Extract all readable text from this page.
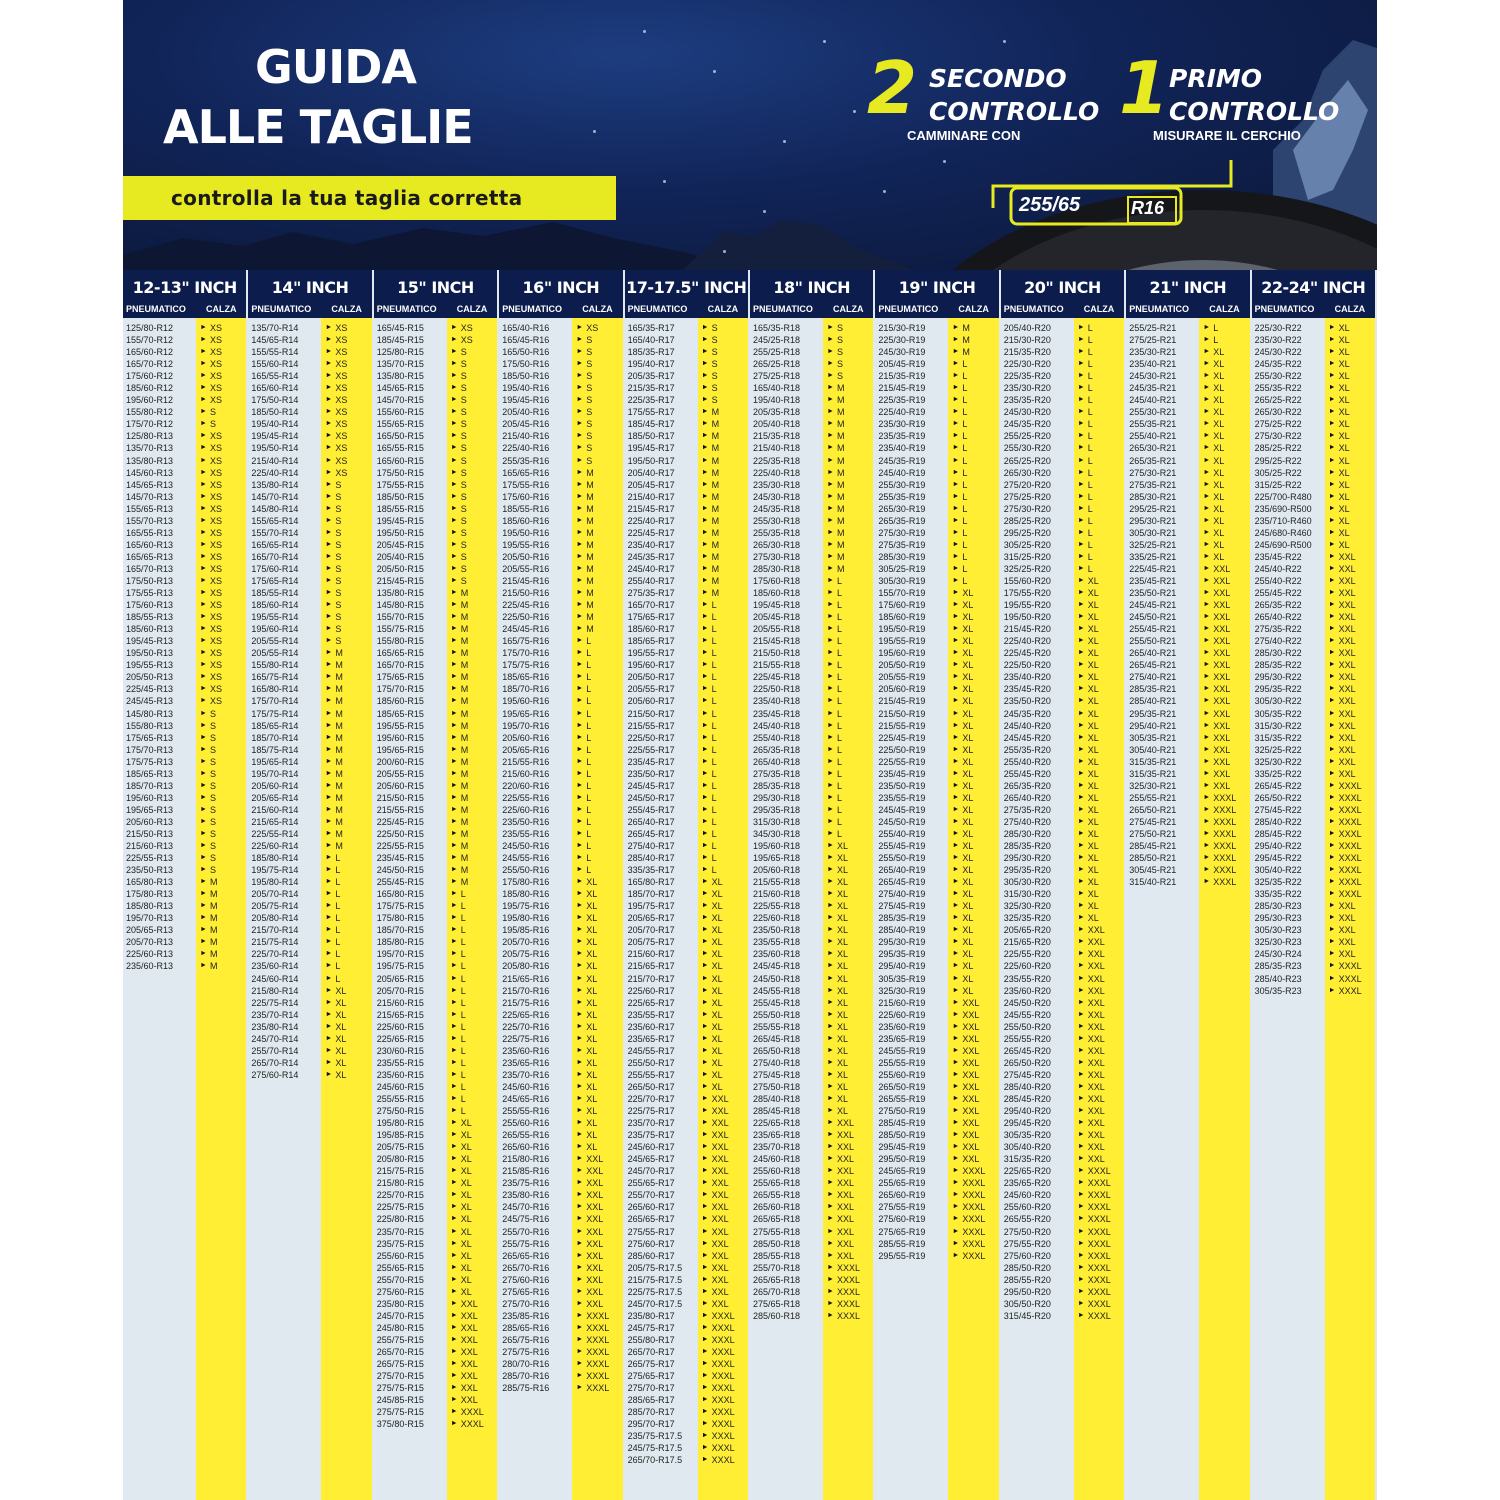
GUIDA
ALLE TAGLIE
controlla la tua taglia corretta
2 SECONDO
CONTROLLO
CAMMINARE CON
1 PRIMO
CONTROLLO
MISURARE IL CERCHIO
255/65	R16
12-13" INCH
PNEUMATICO CALZA
125/80-R12	► XS
155/70-R12	► XS
165/60-R12	► XS
165/70-R12	► XS
175/60-R12	► XS
185/60-R12	► XS
195/60-R12	► XS
155/80-R12	► S
175/70-R12	► S
125/80-R13	► XS
135/70-R13	► XS
135/80-R13	► XS
145/60-R13	► XS
145/65-R13	► XS
145/70-R13	► XS
155/65-R13	► XS
155/70-R13	► XS
165/55-R13	► XS
165/60-R13	► XS
165/65-R13	► XS
165/70-R13	► XS
175/50-R13	► XS
175/55-R13	► XS
175/60-R13	► XS
185/55-R13	► XS
185/60-R13	► XS
195/45-R13	► XS
195/50-R13	► XS
195/55-R13	► XS
205/50-R13	► XS
225/45-R13	► XS
245/45-R13	► XS
145/80-R13	► S
155/80-R13	► S
175/65-R13	► S
175/70-R13	► S
175/75-R13	► S
185/65-R13	► S
185/70-R13	► S
195/60-R13	► S
195/65-R13	► S
205/60-R13	► S
215/50-R13	► S
215/60-R13	► S
225/55-R13	► S
235/50-R13	► S
165/80-R13	► M
175/80-R13	► M
185/80-R13	► M
195/70-R13	► M
205/65-R13	► M
205/70-R13	► M
225/60-R13	► M
235/60-R13	► M
14" INCH
PNEUMATICO CALZA
135/70-R14	► XS
145/65-R14	► XS
155/55-R14	► XS
155/60-R14	► XS
165/55-R14	► XS
165/60-R14	► XS
175/50-R14	► XS
185/50-R14	► XS
195/40-R14	► XS
195/45-R14	► XS
195/50-R14	► XS
215/40-R14	► XS
225/40-R14	► XS
135/80-R14	► S
145/70-R14	► S
145/80-R14	► S
155/65-R14	► S
155/70-R14	► S
165/65-R14	► S
165/70-R14	► S
175/60-R14	► S
175/65-R14	► S
185/55-R14	► S
185/60-R14	► S
195/55-R14	► S
195/60-R14	► S
205/55-R14	► S
205/55-R14	► M
155/80-R14	► M
165/75-R14	► M
165/80-R14	► M
175/70-R14	► M
175/75-R14	► M
185/65-R14	► M
185/70-R14	► M
185/75-R14	► M
195/65-R14	► M
195/70-R14	► M
205/60-R14	► M
205/65-R14	► M
215/60-R14	► M
215/65-R14	► M
225/55-R14	► M
225/60-R14	► M
185/80-R14	► L
195/75-R14	► L
195/80-R14	► L
205/70-R14	► L
205/75-R14	► L
205/80-R14	► L
215/70-R14	► L
215/75-R14	► L
225/70-R14	► L
235/60-R14	► L
245/60-R14	► L
215/80-R14	► XL
225/75-R14	► XL
235/70-R14	► XL
235/80-R14	► XL
245/70-R14	► XL
255/70-R14	► XL
265/70-R14	► XL
275/60-R14	► XL
15" INCH
PNEUMATICO CALZA
165/45-R15	► XS
185/45-R15	► XS
125/80-R15	► S
135/70-R15	► S
135/80-R15	► S
145/65-R15	► S
145/70-R15	► S
155/60-R15	► S
155/65-R15	► S
165/50-R15	► S
165/55-R15	► S
165/60-R15	► S
175/50-R15	► S
175/55-R15	► S
185/50-R15	► S
185/55-R15	► S
195/45-R15	► S
195/50-R15	► S
205/45-R15	► S
205/40-R15	► S
205/50-R15	► S
215/45-R15	► S
135/80-R15	► M
145/80-R15	► M
155/70-R15	► M
155/75-R15	► M
155/80-R15	► M
165/65-R15	► M
165/70-R15	► M
175/65-R15	► M
175/70-R15	► M
185/60-R15	► M
185/65-R15	► M
195/55-R15	► M
195/60-R15	► M
195/65-R15	► M
200/60-R15	► M
205/55-R15	► M
205/60-R15	► M
215/50-R15	► M
215/55-R15	► M
225/45-R15	► M
225/50-R15	► M
225/55-R15	► M
235/45-R15	► M
245/50-R15	► M
255/45-R15	► M
165/80-R15	► L
175/75-R15	► L
175/80-R15	► L
185/70-R15	► L
185/80-R15	► L
195/70-R15	► L
195/75-R15	► L
205/65-R15	► L
205/70-R15	► L
215/60-R15	► L
215/65-R15	► L
225/60-R15	► L
225/65-R15	► L
230/60-R15	► L
235/55-R15	► L
235/60-R15	► L
245/60-R15	► L
255/55-R15	► L
275/50-R15	► L
195/80-R15	► XL
195/85-R15	► XL
205/75-R15	► XL
205/80-R15	► XL
215/75-R15	► XL
215/80-R15	► XL
225/70-R15	► XL
225/75-R15	► XL
225/80-R15	► XL
235/70-R15	► XL
235/75-R15	► XL
255/60-R15	► XL
255/65-R15	► XL
255/70-R15	► XL
275/60-R15	► XL
235/80-R15	► XXL
245/70-R15	► XXL
245/80-R15	► XXL
255/75-R15	► XXL
265/70-R15	► XXL
265/75-R15	► XXL
275/70-R15	► XXL
275/75-R15	► XXL
245/85-R15	► XXL
275/75-R15	► XXXL
375/80-R15	► XXXL
16" INCH
PNEUMATICO CALZA
165/40-R16	► XS
165/45-R16	► S
165/50-R16	► S
175/50-R16	► S
185/50-R16	► S
195/40-R16	► S
195/45-R16	► S
205/40-R16	► S
205/45-R16	► S
215/40-R16	► S
225/40-R16	► S
255/35-R16	► S
165/65-R16	► M
175/55-R16	► M
175/60-R16	► M
185/55-R16	► M
185/60-R16	► M
195/50-R16	► M
195/55-R16	► M
205/50-R16	► M
205/55-R16	► M
215/45-R16	► M
215/50-R16	► M
225/45-R16	► M
225/50-R16	► M
245/45-R16	► M
165/75-R16	► L
175/70-R16	► L
175/75-R16	► L
185/65-R16	► L
185/70-R16	► L
195/60-R16	► L
195/65-R16	► L
195/70-R16	► L
205/60-R16	► L
205/65-R16	► L
215/55-R16	► L
215/60-R16	► L
220/60-R16	► L
225/55-R16	► L
225/60-R16	► L
235/50-R16	► L
235/55-R16	► L
245/50-R16	► L
245/55-R16	► L
255/50-R16	► L
175/80-R16	► XL
185/80-R16	► XL
195/75-R16	► XL
195/80-R16	► XL
195/85-R16	► XL
205/70-R16	► XL
205/75-R16	► XL
205/80-R16	► XL
215/65-R16	► XL
215/70-R16	► XL
215/75-R16	► XL
225/65-R16	► XL
225/70-R16	► XL
225/75-R16	► XL
235/60-R16	► XL
235/65-R16	► XL
235/70-R16	► XL
245/60-R16	► XL
245/65-R16	► XL
255/55-R16	► XL
255/60-R16	► XL
265/55-R16	► XL
265/60-R16	► XL
215/80-R16	► XXL
215/85-R16	► XXL
235/75-R16	► XXL
235/80-R16	► XXL
245/70-R16	► XXL
245/75-R16	► XXL
255/70-R16	► XXL
255/75-R16	► XXL
265/65-R16	► XXL
265/70-R16	► XXL
275/60-R16	► XXL
275/65-R16	► XXL
275/70-R16	► XXL
235/85-R16	► XXXL
285/65-R16	► XXXL
265/75-R16	► XXXL
275/75-R16	► XXXL
280/70-R16	► XXXL
285/70-R16	► XXXL
285/75-R16	► XXXL
17-17.5" INCH
PNEUMATICO CALZA
165/35-R17	► S
165/40-R17	► S
185/35-R17	► S
195/40-R17	► S
205/35-R17	► S
215/35-R17	► S
225/35-R17	► S
175/55-R17	► M
185/45-R17	► M
185/50-R17	► M
195/45-R17	► M
195/50-R17	► M
205/40-R17	► M
205/45-R17	► M
215/40-R17	► M
215/45-R17	► M
225/40-R17	► M
225/45-R17	► M
235/40-R17	► M
245/35-R17	► M
245/40-R17	► M
255/40-R17	► M
275/35-R17	► M
165/70-R17	► L
175/65-R17	► L
185/60-R17	► L
185/65-R17	► L
195/55-R17	► L
195/60-R17	► L
205/50-R17	► L
205/55-R17	► L
205/60-R17	► L
215/50-R17	► L
215/55-R17	► L
225/50-R17	► L
225/55-R17	► L
235/45-R17	► L
235/50-R17	► L
245/45-R17	► L
245/50-R17	► L
255/45-R17	► L
265/40-R17	► L
265/45-R17	► L
275/40-R17	► L
285/40-R17	► L
335/35-R17	► L
165/80-R17	► XL
185/70-R17	► XL
195/75-R17	► XL
205/65-R17	► XL
205/70-R17	► XL
205/75-R17	► XL
215/60-R17	► XL
215/65-R17	► XL
215/70-R17	► XL
225/60-R17	► XL
225/65-R17	► XL
235/55-R17	► XL
235/60-R17	► XL
235/65-R17	► XL
245/55-R17	► XL
255/50-R17	► XL
255/55-R17	► XL
265/50-R17	► XL
225/70-R17	► XXL
225/75-R17	► XXL
235/70-R17	► XXL
235/75-R17	► XXL
245/60-R17	► XXL
245/65-R17	► XXL
245/70-R17	► XXL
255/65-R17	► XXL
255/70-R17	► XXL
265/60-R17	► XXL
265/65-R17	► XXL
275/55-R17	► XXL
275/60-R17	► XXL
285/60-R17	► XXL
205/75-R17.5	► XXL
215/75-R17.5	► XXL
225/75-R17.5	► XXL
245/70-R17.5	► XXL
235/80-R17	► XXXL
245/75-R17	► XXXL
255/80-R17	► XXXL
265/70-R17	► XXXL
265/75-R17	► XXXL
275/65-R17	► XXXL
275/70-R17	► XXXL
285/65-R17	► XXXL
285/70-R17	► XXXL
295/70-R17	► XXXL
235/75-R17.5	► XXXL
245/75-R17.5	► XXXL
265/70-R17.5	► XXXL
18" INCH
PNEUMATICO CALZA
165/35-R18	► S
245/25-R18	► S
255/25-R18	► S
265/25-R18	► S
275/25-R18	► S
165/40-R18	► M
195/40-R18	► M
205/35-R18	► M
205/40-R18	► M
215/35-R18	► M
215/40-R18	► M
225/35-R18	► M
225/40-R18	► M
235/30-R18	► M
245/30-R18	► M
245/35-R18	► M
255/30-R18	► M
255/35-R18	► M
265/30-R18	► M
275/30-R18	► M
285/30-R18	► M
175/60-R18	► L
185/60-R18	► L
195/45-R18	► L
205/45-R18	► L
205/55-R18	► L
215/45-R18	► L
215/50-R18	► L
215/55-R18	► L
225/45-R18	► L
225/50-R18	► L
235/40-R18	► L
235/45-R18	► L
245/40-R18	► L
255/40-R18	► L
265/35-R18	► L
265/40-R18	► L
275/35-R18	► L
285/35-R18	► L
295/30-R18	► L
295/35-R18	► L
315/30-R18	► L
345/30-R18	► L
195/60-R18	► XL
195/65-R18	► XL
205/60-R18	► XL
215/55-R18	► XL
215/60-R18	► XL
225/55-R18	► XL
225/60-R18	► XL
235/50-R18	► XL
235/55-R18	► XL
235/60-R18	► XL
245/45-R18	► XL
245/50-R18	► XL
245/55-R18	► XL
255/45-R18	► XL
255/50-R18	► XL
255/55-R18	► XL
265/45-R18	► XL
265/50-R18	► XL
275/40-R18	► XL
275/45-R18	► XL
275/50-R18	► XL
285/40-R18	► XL
285/45-R18	► XL
225/65-R18	► XXL
235/65-R18	► XXL
235/70-R18	► XXL
245/60-R18	► XXL
255/60-R18	► XXL
255/65-R18	► XXL
265/55-R18	► XXL
265/60-R18	► XXL
265/65-R18	► XXL
275/55-R18	► XXL
285/50-R18	► XXL
285/55-R18	► XXL
255/70-R18	► XXXL
265/65-R18	► XXXL
265/70-R18	► XXXL
275/65-R18	► XXXL
285/60-R18	► XXXL
19" INCH
PNEUMATICO CALZA
215/30-R19	► M
225/30-R19	► M
245/30-R19	► M
205/45-R19	► L
215/35-R19	► L
215/45-R19	► L
225/35-R19	► L
225/40-R19	► L
235/30-R19	► L
235/35-R19	► L
235/40-R19	► L
245/35-R19	► L
245/40-R19	► L
255/30-R19	► L
255/35-R19	► L
265/30-R19	► L
265/35-R19	► L
275/30-R19	► L
275/35-R19	► L
285/30-R19	► L
305/25-R19	► L
305/30-R19	► L
155/70-R19	► XL
175/60-R19	► XL
185/60-R19	► XL
195/50-R19	► XL
195/55-R19	► XL
195/60-R19	► XL
205/50-R19	► XL
205/55-R19	► XL
205/60-R19	► XL
215/45-R19	► XL
215/50-R19	► XL
215/55-R19	► XL
225/45-R19	► XL
225/50-R19	► XL
225/55-R19	► XL
235/45-R19	► XL
235/50-R19	► XL
235/55-R19	► XL
245/45-R19	► XL
245/50-R19	► XL
255/40-R19	► XL
255/45-R19	► XL
255/50-R19	► XL
265/40-R19	► XL
265/45-R19	► XL
275/40-R19	► XL
275/45-R19	► XL
285/35-R19	► XL
285/40-R19	► XL
295/30-R19	► XL
295/35-R19	► XL
295/40-R19	► XL
305/35-R19	► XL
325/30-R19	► XL
215/60-R19	► XXL
225/60-R19	► XXL
235/60-R19	► XXL
235/65-R19	► XXL
245/55-R19	► XXL
255/55-R19	► XXL
255/60-R19	► XXL
265/50-R19	► XXL
265/55-R19	► XXL
275/50-R19	► XXL
285/45-R19	► XXL
285/50-R19	► XXL
295/45-R19	► XXL
295/50-R19	► XXL
245/65-R19	► XXXL
255/65-R19	► XXXL
265/60-R19	► XXXL
275/55-R19	► XXXL
275/60-R19	► XXXL
275/65-R19	► XXXL
285/55-R19	► XXXL
295/55-R19	► XXXL
20" INCH
PNEUMATICO CALZA
205/40-R20	► L
215/30-R20	► L
215/35-R20	► L
225/30-R20	► L
225/35-R20	► L
235/30-R20	► L
235/35-R20	► L
245/30-R20	► L
245/35-R20	► L
255/25-R20	► L
255/30-R20	► L
265/25-R20	► L
265/30-R20	► L
275/20-R20	► L
275/25-R20	► L
275/30-R20	► L
285/25-R20	► L
295/25-R20	► L
305/25-R20	► L
315/25-R20	► L
325/25-R20	► L
155/60-R20	► XL
175/55-R20	► XL
195/55-R20	► XL
195/50-R20	► XL
215/45-R20	► XL
225/40-R20	► XL
225/45-R20	► XL
225/50-R20	► XL
235/40-R20	► XL
235/45-R20	► XL
235/50-R20	► XL
245/35-R20	► XL
245/40-R20	► XL
245/45-R20	► XL
255/35-R20	► XL
255/40-R20	► XL
255/45-R20	► XL
265/35-R20	► XL
265/40-R20	► XL
275/35-R20	► XL
275/40-R20	► XL
285/30-R20	► XL
285/35-R20	► XL
295/30-R20	► XL
295/35-R20	► XL
305/30-R20	► XL
315/30-R20	► XL
325/30-R20	► XL
325/35-R20	► XL
205/65-R20	► XXL
215/65-R20	► XXL
225/55-R20	► XXL
225/60-R20	► XXL
235/55-R20	► XXL
235/60-R20	► XXL
245/50-R20	► XXL
245/55-R20	► XXL
255/50-R20	► XXL
255/55-R20	► XXL
265/45-R20	► XXL
265/50-R20	► XXL
275/45-R20	► XXL
285/40-R20	► XXL
285/45-R20	► XXL
295/40-R20	► XXL
295/45-R20	► XXL
305/35-R20	► XXL
305/40-R20	► XXL
315/35-R20	► XXL
225/65-R20	► XXXL
235/65-R20	► XXXL
245/60-R20	► XXXL
255/60-R20	► XXXL
265/55-R20	► XXXL
275/50-R20	► XXXL
275/55-R20	► XXXL
275/60-R20	► XXXL
285/50-R20	► XXXL
285/55-R20	► XXXL
295/50-R20	► XXXL
305/50-R20	► XXXL
315/45-R20	► XXXL
21" INCH
PNEUMATICO CALZA
255/25-R21	► L
275/25-R21	► L
235/30-R21	► XL
235/40-R21	► XL
245/30-R21	► XL
245/35-R21	► XL
245/40-R21	► XL
255/30-R21	► XL
255/35-R21	► XL
255/40-R21	► XL
265/30-R21	► XL
265/35-R21	► XL
275/30-R21	► XL
275/35-R21	► XL
285/30-R21	► XL
295/25-R21	► XL
295/30-R21	► XL
305/30-R21	► XL
325/25-R21	► XL
335/25-R21	► XL
225/45-R21	► XXL
235/45-R21	► XXL
235/50-R21	► XXL
245/45-R21	► XXL
245/50-R21	► XXL
255/45-R21	► XXL
255/50-R21	► XXL
265/40-R21	► XXL
265/45-R21	► XXL
275/40-R21	► XXL
285/35-R21	► XXL
285/40-R21	► XXL
295/35-R21	► XXL
295/40-R21	► XXL
305/35-R21	► XXL
305/40-R21	► XXL
315/35-R21	► XXL
315/35-R21	► XXL
325/30-R21	► XXL
255/55-R21	► XXXL
265/50-R21	► XXXL
275/45-R21	► XXXL
275/50-R21	► XXXL
285/45-R21	► XXXL
285/50-R21	► XXXL
305/45-R21	► XXXL
315/40-R21	► XXXL
22-24" INCH
PNEUMATICO CALZA
225/30-R22	► XL
235/30-R22	► XL
245/30-R22	► XL
245/35-R22	► XL
255/30-R22	► XL
255/35-R22	► XL
265/25-R22	► XL
265/30-R22	► XL
275/25-R22	► XL
275/30-R22	► XL
285/25-R22	► XL
295/25-R22	► XL
305/25-R22	► XL
315/25-R22	► XL
225/700-R480 ► XL
235/690-R500 ► XL
235/710-R460 ► XL
245/680-R460 ► XL
245/690-R500 ► XL
235/45-R22	► XXL
245/40-R22	► XXL
255/40-R22	► XXL
255/45-R22	► XXL
265/35-R22	► XXL
265/40-R22	► XXL
275/35-R22	► XXL
275/40-R22	► XXL
285/30-R22	► XXL
285/35-R22	► XXL
295/30-R22	► XXL
295/35-R22	► XXL
305/30-R22	► XXL
305/35-R22	► XXL
315/30-R22	► XXL
315/35-R22	► XXL
325/25-R22	► XXL
325/30-R22	► XXL
335/25-R22	► XXL
265/45-R22	► XXXL
265/50-R22	► XXXL
275/45-R22	► XXXL
285/40-R22	► XXXL
285/45-R22	► XXXL
295/40-R22	► XXXL
295/45-R22	► XXXL
305/40-R22	► XXXL
325/35-R22	► XXXL
335/35-R22	► XXXL
285/30-R23	► XXL
295/30-R23	► XXL
305/30-R23	► XXL
325/30-R23	► XXL
245/30-R24	► XXL
285/35-R23	► XXXL
285/40-R23	► XXXL
305/35-R23	► XXXL
